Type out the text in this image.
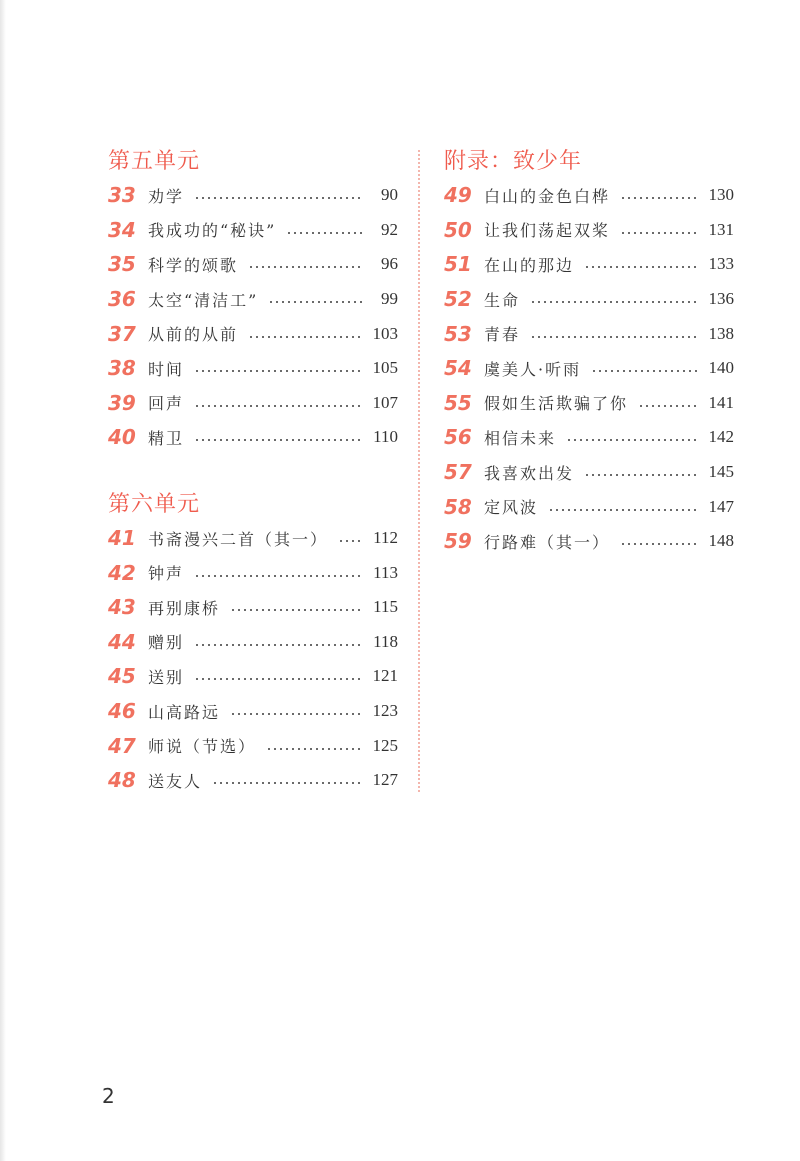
第五单元
33 劝学	90
34 我成功的“秘诀”	92
35 科学的颂歌	96
36 太空“清洁工”	99
37 从前的从前	103
38 时间	105
39 回声	107
40 精卫	110
第六单元
41 书斋漫兴二首（其一）	112
42 钟声	113
43 再别康桥	115
44 赠别	118
45 送别	121
46 山高路远	123
47 师说（节选）	125
48 送友人	127
附录：致少年
49 白山的金色白桦	130
50 让我们荡起双桨	131
51 在山的那边	133
52 生命	136
53 青春	138
54 虞美人·听雨	140
55 假如生活欺骗了你	141
56 相信未来	142
57 我喜欢出发	145
58 定风波	147
59 行路难（其一）	148
2
